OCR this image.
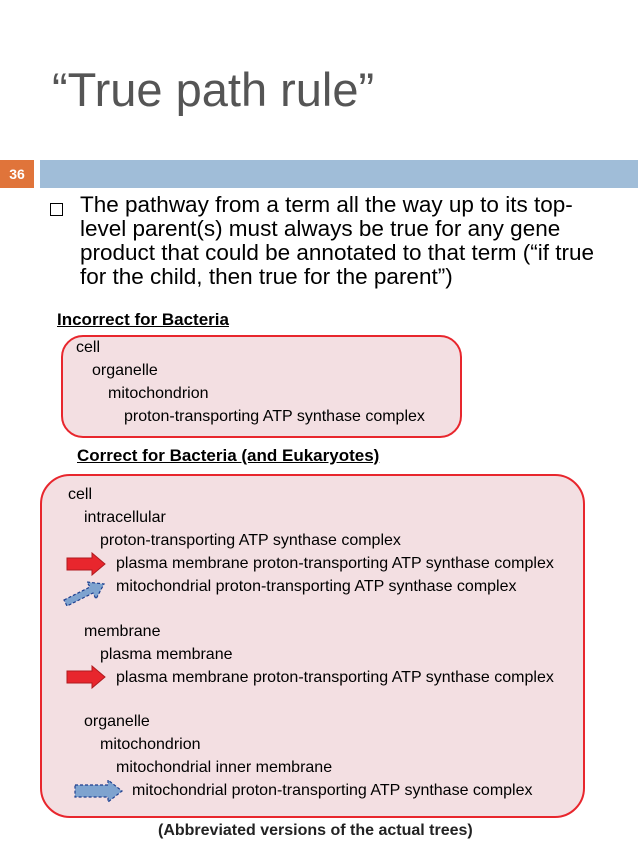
“True path rule”
36
The pathway from a term all the way up to its top-level parent(s) must always be true for any gene product that could be annotated to that term (“if true for the child, then true for the parent”)
Incorrect for Bacteria
cell
organelle
mitochondrion
proton-transporting ATP synthase complex
Correct for Bacteria (and Eukaryotes)
cell
intracellular
proton-transporting ATP synthase complex
plasma membrane proton-transporting ATP synthase complex
mitochondrial proton-transporting ATP synthase complex
membrane
plasma membrane
plasma membrane proton-transporting ATP synthase complex
organelle
mitochondrion
mitochondrial inner membrane
mitochondrial proton-transporting ATP synthase complex
(Abbreviated versions of the actual trees)
